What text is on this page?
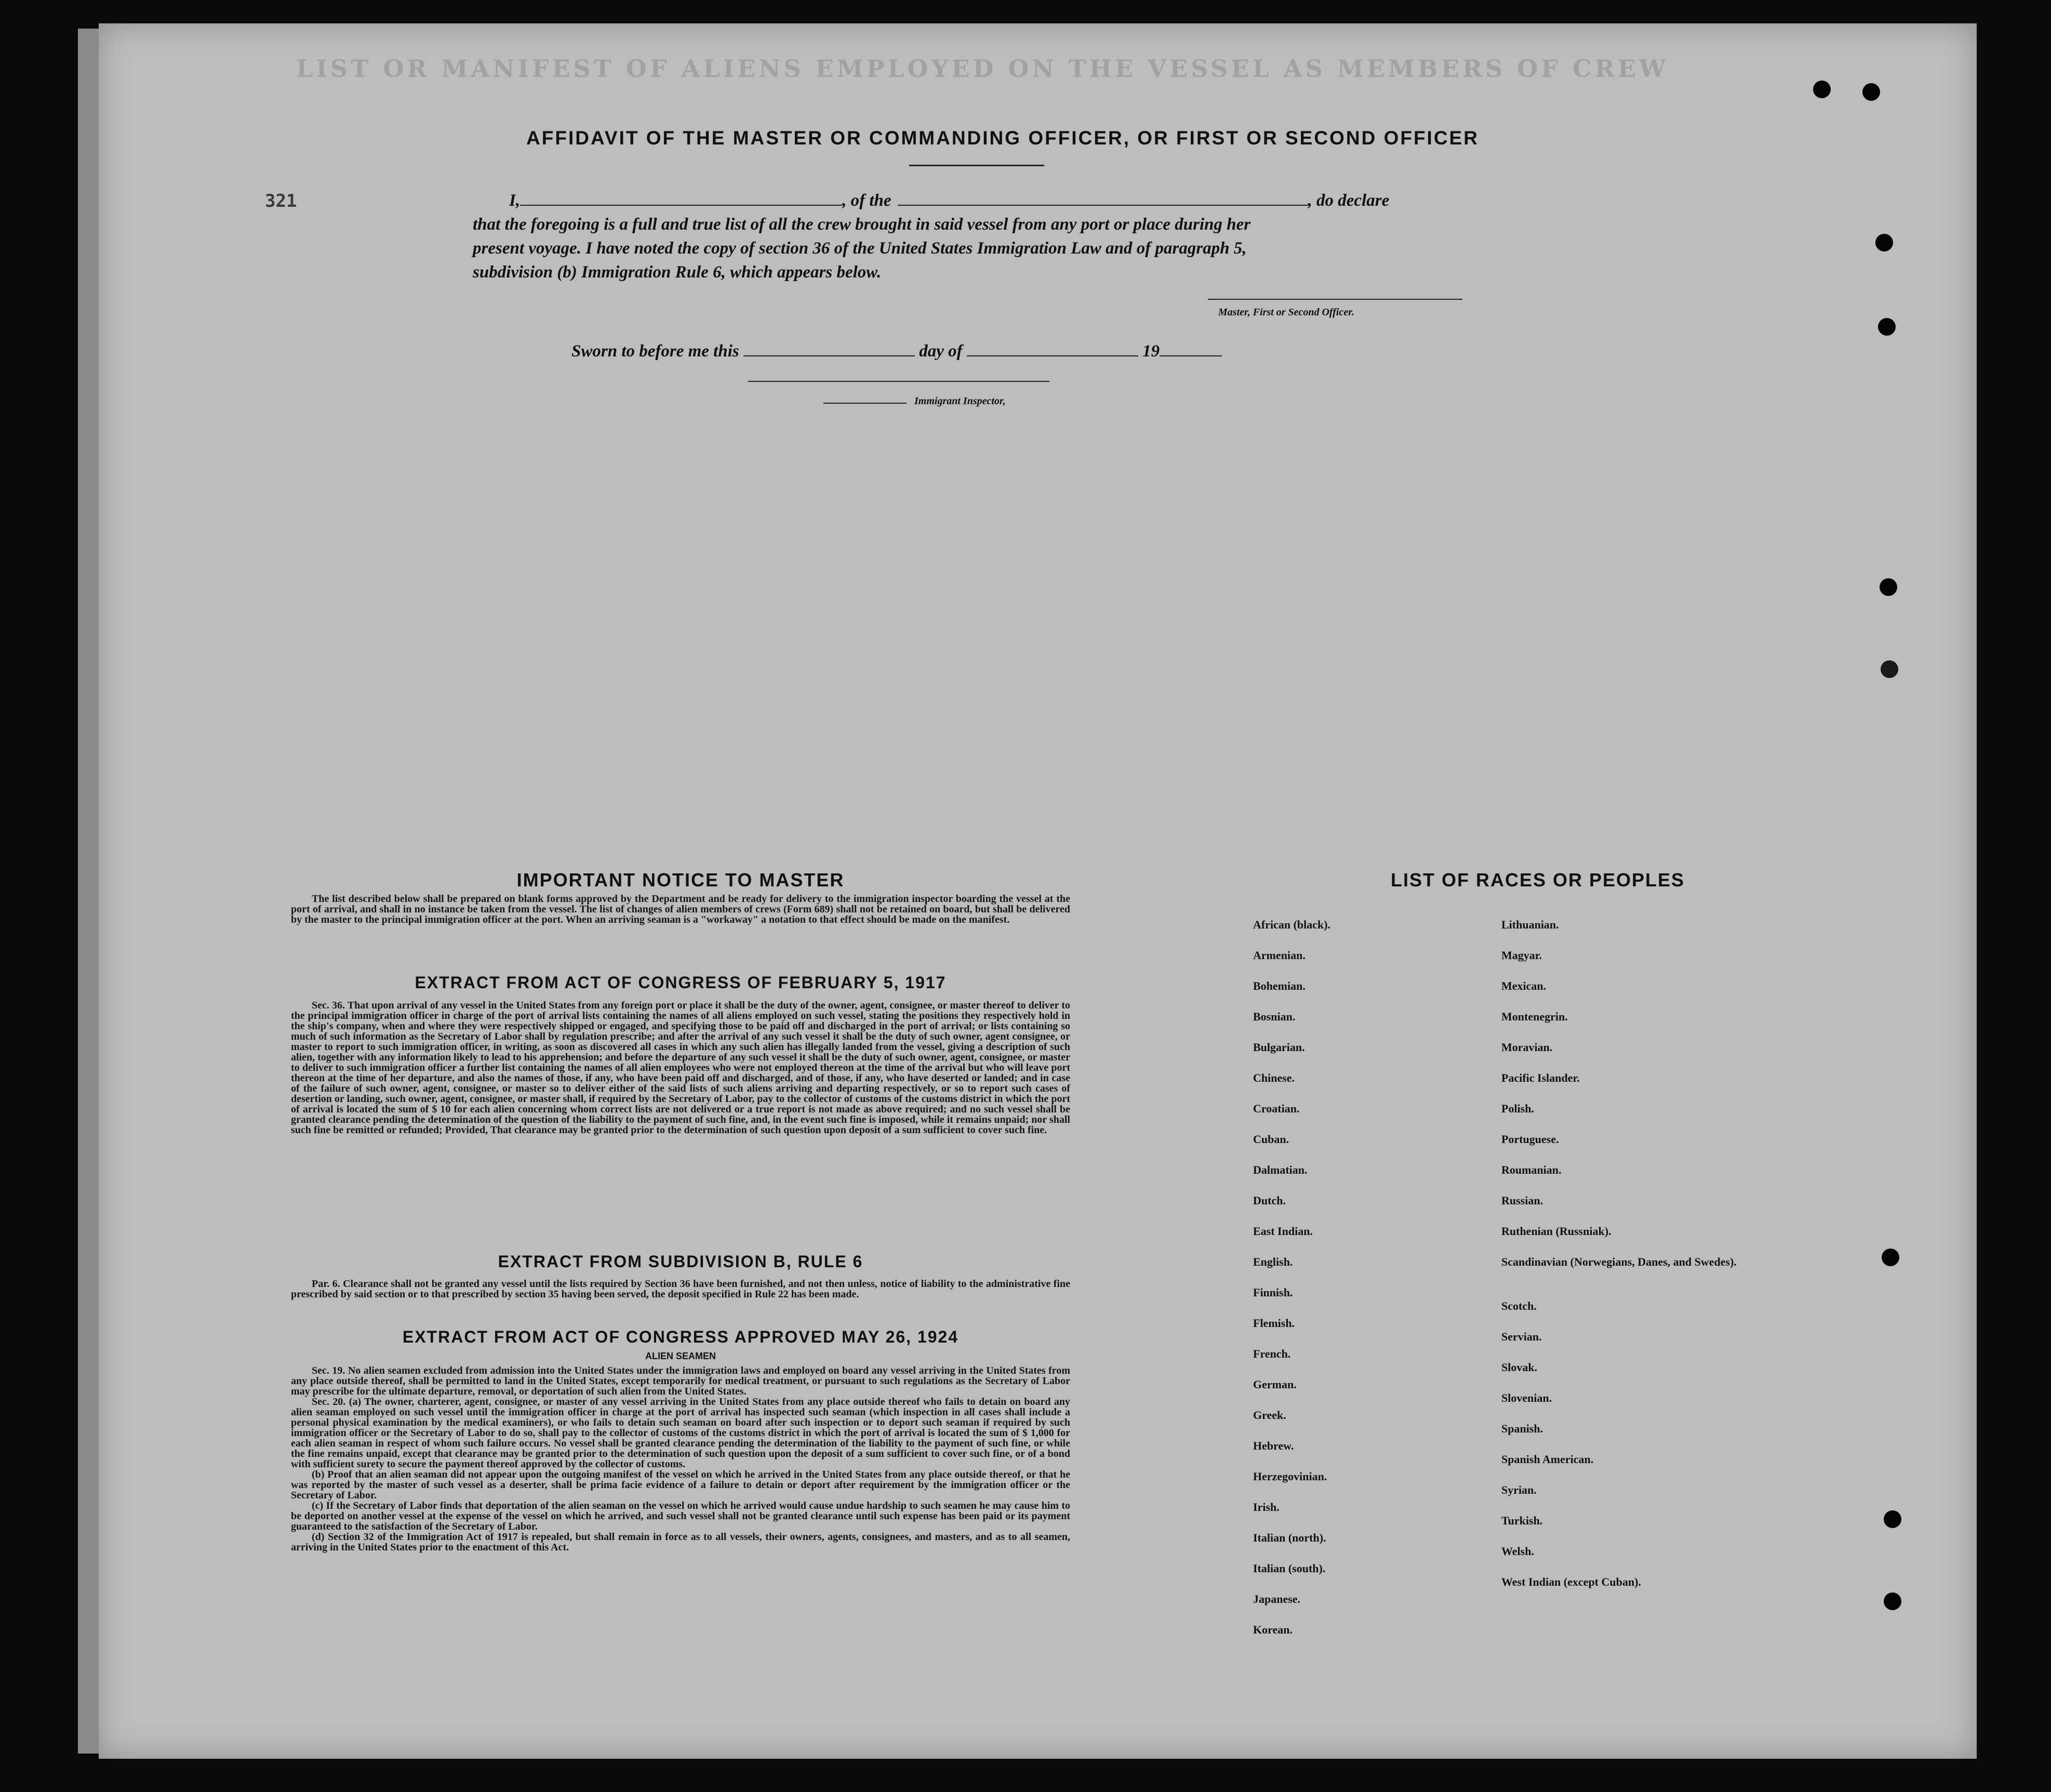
LIST OR MANIFEST OF ALIENS EMPLOYED ON THE VESSEL AS MEMBERS OF CREW
AFFIDAVIT OF THE MASTER OR COMMANDING OFFICER, OR FIRST OR SECOND OFFICER
321	I,	, of the	, do declare
that the foregoing is a full and true list of all the crew brought in said vessel from any port or place during her
present voyage. I have noted the copy of section 36 of the United States Immigration Law and of paragraph 5,
subdivision (b) Immigration Rule 6, which appears below.
Master, First or Second Officer.
Sworn to before me this	day of	19
Immigrant Inspector,
IMPORTANT NOTICE TO MASTER

The list described below shall be prepared on blank forms approved by the Department and be ready for delivery to the immigration inspector boarding the vessel at the port of arrival, and shall in no instance be taken from the vessel. The list of changes of alien members of crews (Form 689) shall not be retained on board, but shall be delivered by the master to the principal immigration officer at the port. When an arriving seaman is a "workaway" a notation to that effect should be made on the manifest.

EXTRACT FROM ACT OF CONGRESS OF FEBRUARY 5, 1917

Sec. 36. That upon arrival of any vessel in the United States from any foreign port or place it shall be the duty of the owner, agent, consignee, or master thereof to deliver to the principal immigration officer in charge of the port of arrival lists containing the names of all aliens employed on such vessel, stating the positions they respectively hold in the ship's company, when and where they were respectively shipped or engaged, and specifying those to be paid off and discharged in the port of arrival; or lists containing so much of such information as the Secretary of Labor shall by regulation prescribe; and after the arrival of any such vessel it shall be the duty of such owner, agent consignee, or master to report to such immigration officer, in writing, as soon as discovered all cases in which any such alien has illegally landed from the vessel, giving a description of such alien, together with any information likely to lead to his apprehension; and before the departure of any such vessel it shall be the duty of such owner, agent, consignee, or master to deliver to such immigration officer a further list containing the names of all alien employees who were not employed thereon at the time of the arrival but who will leave port thereon at the time of her departure, and also the names of those, if any, who have been paid off and discharged, and of those, if any, who have deserted or landed; and in case of the failure of such owner, agent, consignee, or master so to deliver either of the said lists of such aliens arriving and departing respectively, or so to report such cases of desertion or landing, such owner, agent, consignee, or master shall, if required by the Secretary of Labor, pay to the collector of customs of the customs district in which the port of arrival is located the sum of $ 10 for each alien concerning whom correct lists are not delivered or a true report is not made as above required; and no such vessel shall be granted clearance pending the determination of the question of the liability to the payment of such fine, and, in the event such fine is imposed, while it remains unpaid; nor shall such fine be remitted or refunded; Provided, That clearance may be granted prior to the determination of such question upon deposit of a sum sufficient to cover such fine.

EXTRACT FROM SUBDIVISION B, RULE 6

Par. 6. Clearance shall not be granted any vessel until the lists required by Section 36 have been furnished, and not then unless, notice of liability to the administrative fine prescribed by said section or to that prescribed by section 35 having been served, the deposit specified in Rule 22 has been made.

EXTRACT FROM ACT OF CONGRESS APPROVED MAY 26, 1924
ALIEN SEAMEN

Sec. 19. No alien seamen excluded from admission into the United States under the immigration laws and employed on board any vessel arriving in the United States from any place outside thereof, shall be permitted to land in the United States, except temporarily for medical treatment, or pursuant to such regulations as the Secretary of Labor may prescribe for the ultimate departure, removal, or deportation of such alien from the United States.

Sec. 20. (a) The owner, charterer, agent, consignee, or master of any vessel arriving in the United States from any place outside thereof who fails to detain on board any alien seaman employed on such vessel until the immigration officer in charge at the port of arrival has inspected such seaman (which inspection in all cases shall include a personal physical examination by the medical examiners), or who fails to detain such seaman on board after such inspection or to deport such seaman if required by such immigration officer or the Secretary of Labor to do so, shall pay to the collector of customs of the customs district in which the port of arrival is located the sum of $ 1,000 for each alien seaman in respect of whom such failure occurs. No vessel shall be granted clearance pending the determination of the liability to the payment of such fine, or while the fine remains unpaid, except that clearance may be granted prior to the determination of such question upon the deposit of a sum sufficient to cover such fine, or of a bond with sufficient surety to secure the payment thereof approved by the collector of customs.

(b) Proof that an alien seaman did not appear upon the outgoing manifest of the vessel on which he arrived in the United States from any place outside thereof, or that he was reported by the master of such vessel as a deserter, shall be prima facie evidence of a failure to detain or deport after requirement by the immigration officer or the Secretary of Labor.

(c) If the Secretary of Labor finds that deportation of the alien seaman on the vessel on which he arrived would cause undue hardship to such seamen he may cause him to be deported on another vessel at the expense of the vessel on which he arrived, and such vessel shall not be granted clearance until such expense has been paid or its payment guaranteed to the satisfaction of the Secretary of Labor.

(d) Section 32 of the Immigration Act of 1917 is repealed, but shall remain in force as to all vessels, their owners, agents, consignees, and masters, and as to all seamen, arriving in the United States prior to the enactment of this Act.

LIST OF RACES OR PEOPLES
African (black).
Armenian.
Bohemian.
Bosnian.
Bulgarian.
Chinese.
Croatian.
Cuban.
Dalmatian.
Dutch.
East Indian.
English.
Finnish.
Flemish.
French.
German.
Greek.
Hebrew.
Herzegovinian.
Irish.
Italian (north).
Italian (south).
Japanese.
Korean.
Lithuanian.
Magyar.
Mexican.
Montenegrin.
Moravian.
Pacific Islander.
Polish.
Portuguese.
Roumanian.
Russian.
Ruthenian (Russniak).
Scandinavian (Norwegians, Danes, and Swedes).
Scotch.
Servian.
Slovak.
Slovenian.
Spanish.
Spanish American.
Syrian.
Turkish.
Welsh.
West Indian (except Cuban).
